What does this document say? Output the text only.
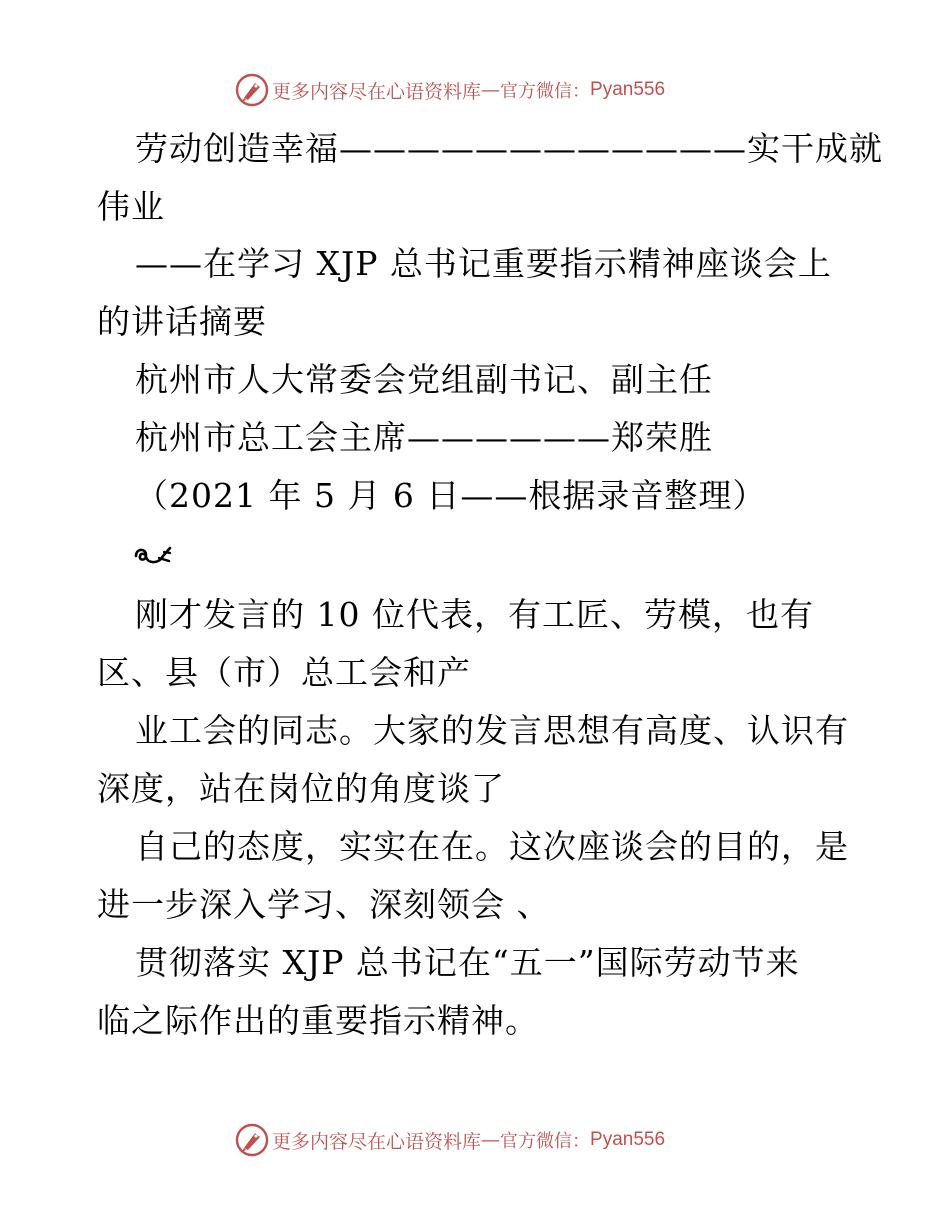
更多内容尽在心语资料库 — 官方微信： Pyan556
劳动创造幸福————————————实干成就
伟业
——在学习 XJP 总书记重要指示精神座谈会上
的讲话摘要
杭州市人大常委会党组副书记、副主任
杭州市总工会主席——————郑荣胜
（2021 年 5 月 6 日——根据录音整理）
刚才发言的 10 位代表，有工匠、劳模，也有
区、县（市）总工会和产
业工会的同志。大家的发言思想有高度、认识有
深度，站在岗位的角度谈了
自己的态度，实实在在。这次座谈会的目的，是
进一步深入学习、深刻领会 、
贯彻落实 XJP 总书记在“五一”国际劳动节来
临之际作出的重要指示精神。
更多内容尽在心语资料库 — 官方微信： Pyan556
